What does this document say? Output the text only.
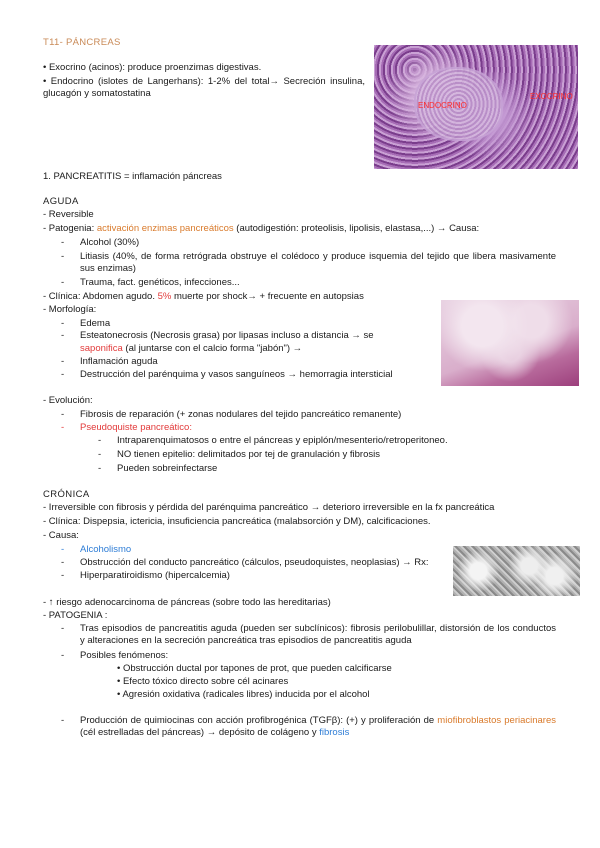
T11- PÁNCREAS
• Exocrino (acinos): produce proenzimas digestivas.
• Endocrino (islotes de Langerhans): 1-2% del total→ Secreción insulina, glucagón y somatostatina
ENDOCRINO
EXOCRINO
1. PANCREATITIS = inflamación páncreas
AGUDA
- Reversible
- Patogenia: activación enzimas pancreáticos (autodigestión: proteolisis, lipolisis, elastasa,...) → Causa:
- Alcohol (30%)
- Litiasis (40%, de forma retrógrada obstruye el colédoco y produce isquemia del tejido que libera masivamente sus enzimas)
- Trauma, fact. genéticos, infecciones...
- Clínica: Abdomen agudo. 5% muerte por shock→ + frecuente en autopsias
- Morfología:
- Edema
- Esteatonecrosis (Necrosis grasa) por lipasas incluso a distancia → se
saponifica (al juntarse con el calcio forma "jabón") →
- Inflamación aguda
- Destrucción del parénquima y vasos sanguíneos → hemorragia intersticial
- Evolución:
- Fibrosis de reparación (+ zonas nodulares del tejido pancreático remanente)
- Pseudoquiste pancreático:
- Intraparenquimatosos o entre el páncreas y epiplón/mesenterio/retroperitoneo.
- NO tienen epitelio: delimitados por tej de granulación y fibrosis
- Pueden sobreinfectarse
CRÓNICA
- Irreversible con fibrosis y pérdida del parénquima pancreático → deterioro irreversible en la fx pancreática
- Clínica: Dispepsia, ictericia, insuficiencia pancreática (malabsorción y DM), calcificaciones.
- Causa:
- Alcoholismo
- Obstrucción del conducto pancreático (cálculos, pseudoquistes, neoplasias) → Rx:
- Hiperparatiroidismo (hipercalcemia)
- ↑ riesgo adenocarcinoma de páncreas (sobre todo las hereditarias)
- PATOGENIA :
- Tras episodios de pancreatitis aguda (pueden ser subclínicos): fibrosis perilobulillar, distorsión de los conductos y alteraciones en la secreción pancreática tras episodios de pancreatitis aguda
- Posibles fenómenos:
• Obstrucción ductal por tapones de prot, que pueden calcificarse
• Efecto tóxico directo sobre cél acinares
• Agresión oxidativa (radicales libres) inducida por el alcohol
- Producción de quimiocinas con acción profibrogénica (TGFβ): (+) y proliferación de miofibroblastos periacinares (cél estrelladas del páncreas) → depósito de colágeno y fibrosis
